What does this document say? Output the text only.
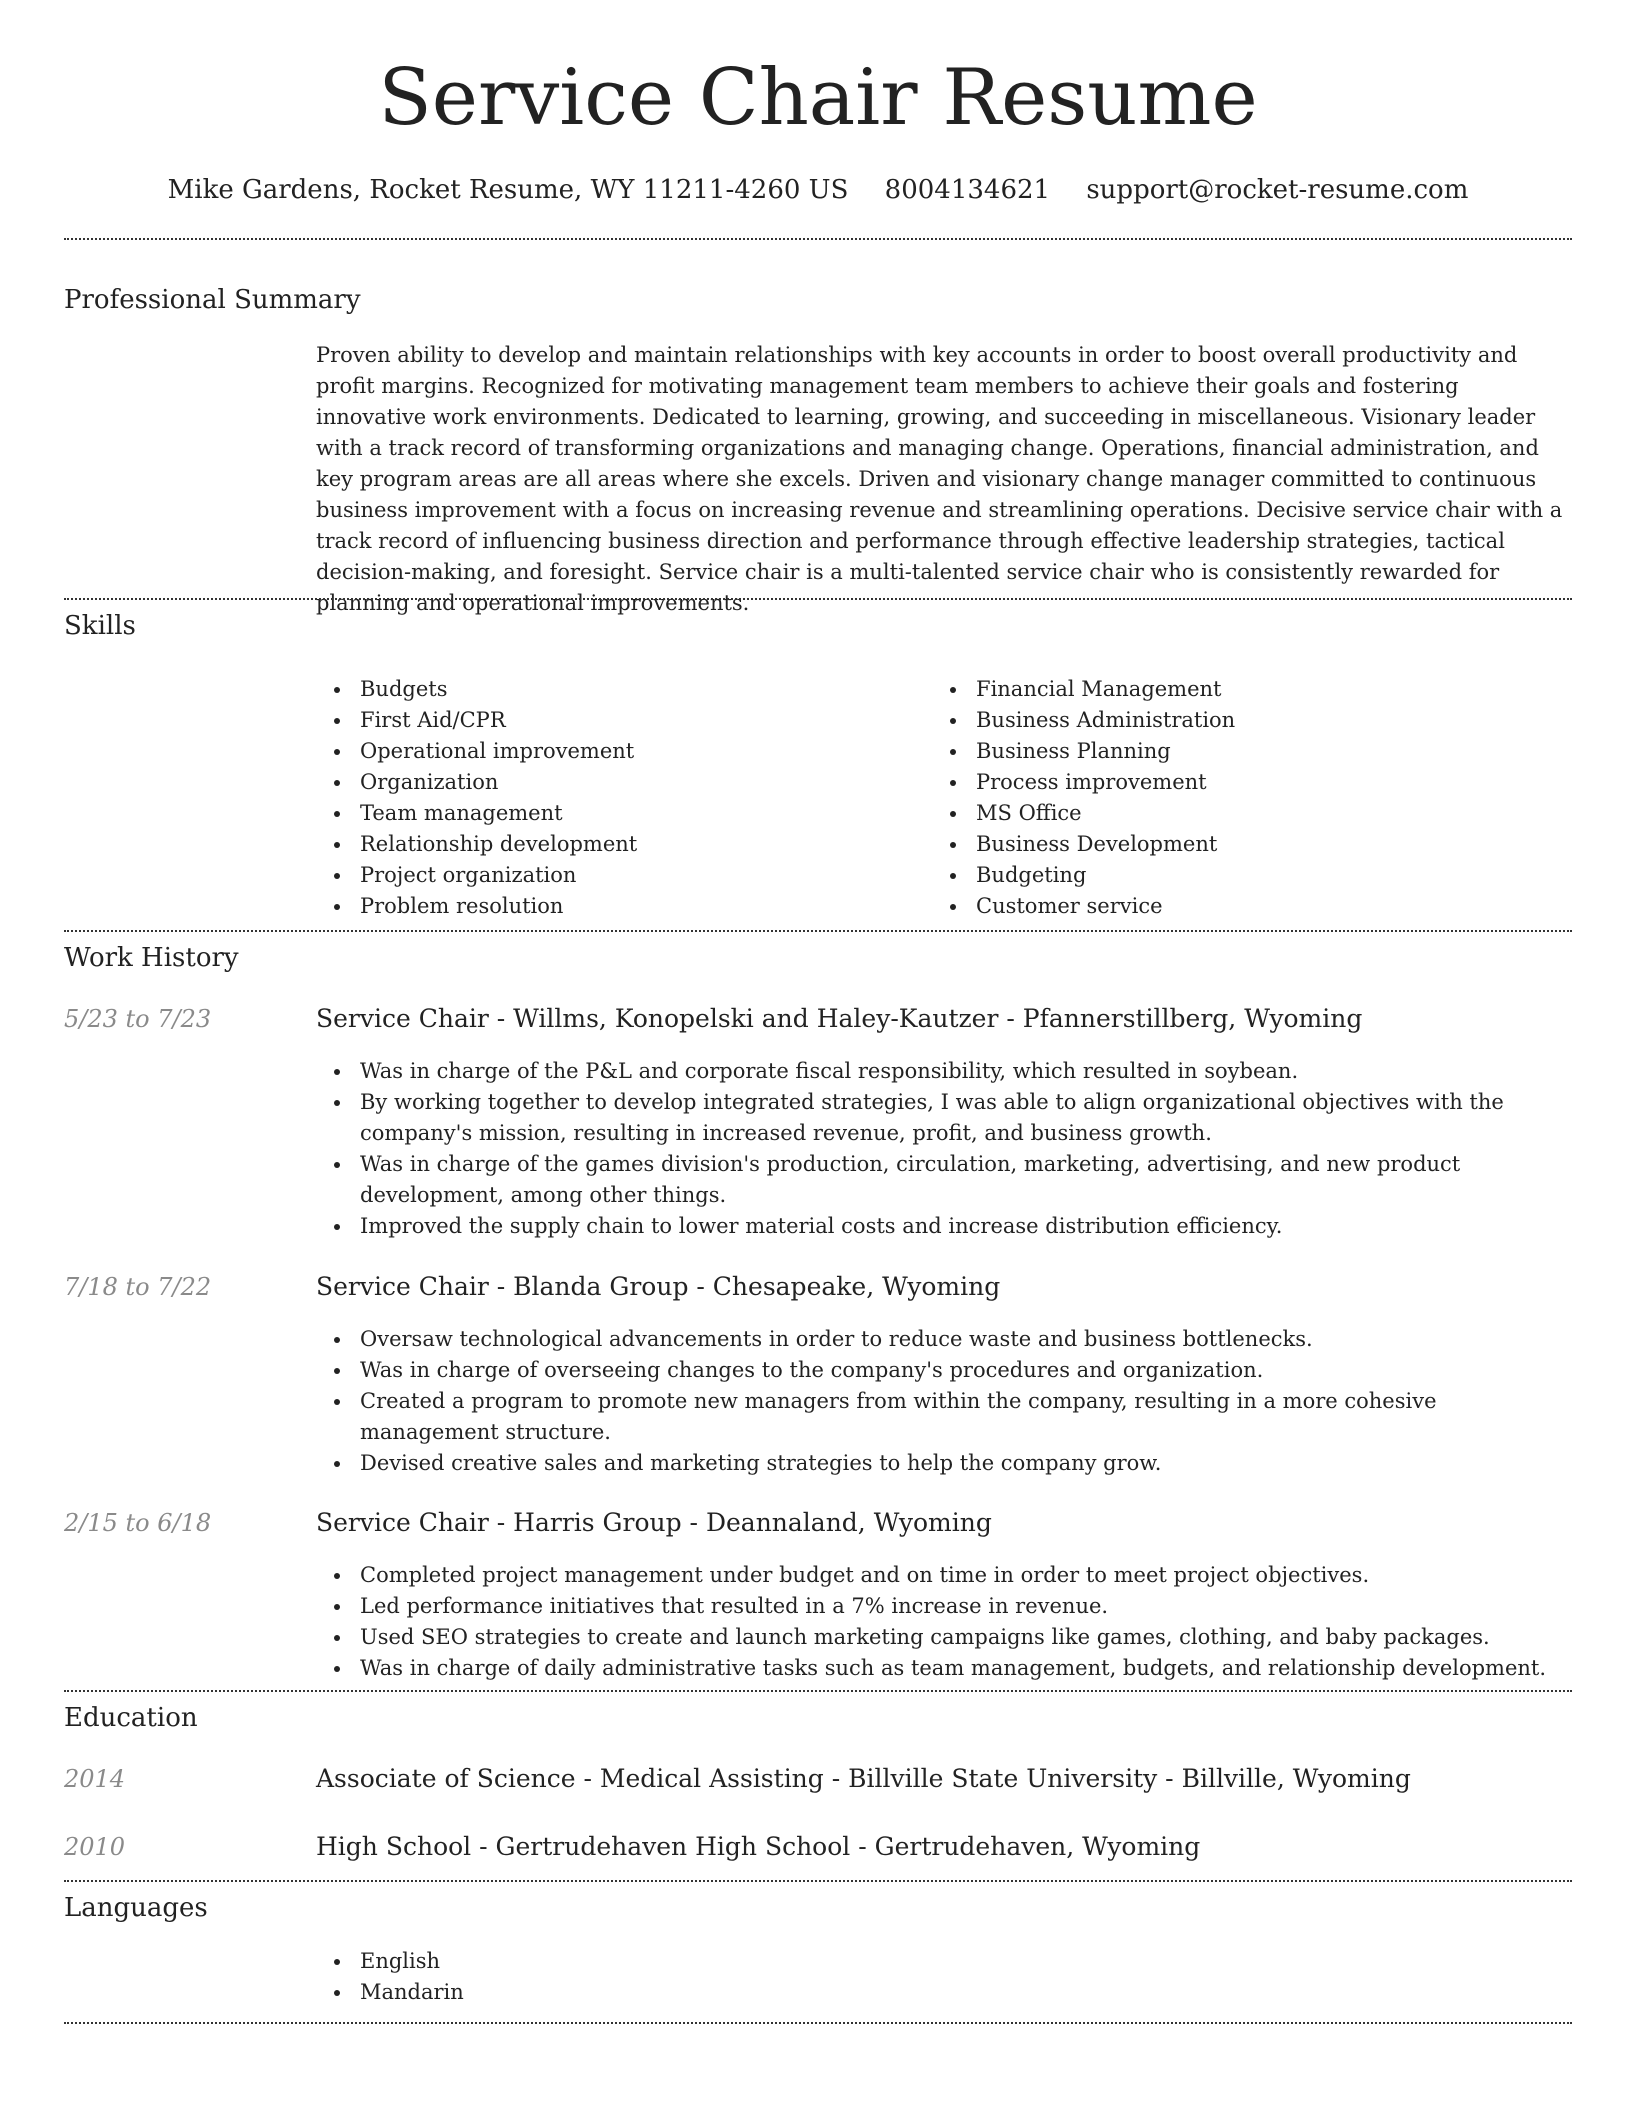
Service Chair Resume
Mike Gardens, Rocket Resume, WY 11211-4260 US 8004134621 support@rocket-resume.com
Professional Summary

Proven ability to develop and maintain relationships with key accounts in order to boost overall productivity and profit margins. Recognized for motivating management team members to achieve their goals and fostering innovative work environments. Dedicated to learning, growing, and succeeding in miscellaneous. Visionary leader with a track record of transforming organizations and managing change. Operations, financial administration, and key program areas are all areas where she excels. Driven and visionary change manager committed to continuous business improvement with a focus on increasing revenue and streamlining operations. Decisive service chair with a track record of influencing business direction and performance through effective leadership strategies, tactical decision-making, and foresight. Service chair is a multi-talented service chair who is consistently rewarded for planning and operational improvements.

Skills
Budgets
First Aid/CPR
Operational improvement
Organization
Team management
Relationship development
Project organization
Problem resolution
Financial Management
Business Administration
Business Planning
Process improvement
MS Office
Business Development
Budgeting
Customer service
Work History
5/23 to 7/23	Service Chair - Willms, Konopelski and Haley-Kautzer - Pfannerstillberg, Wyoming
Was in charge of the P&L and corporate fiscal responsibility, which resulted in soybean.
By working together to develop integrated strategies, I was able to align organizational objectives with the company's mission, resulting in increased revenue, profit, and business growth.
Was in charge of the games division's production, circulation, marketing, advertising, and new product development, among other things.
Improved the supply chain to lower material costs and increase distribution efficiency.
7/18 to 7/22	Service Chair - Blanda Group - Chesapeake, Wyoming
Oversaw technological advancements in order to reduce waste and business bottlenecks.
Was in charge of overseeing changes to the company's procedures and organization.
Created a program to promote new managers from within the company, resulting in a more cohesive management structure.
Devised creative sales and marketing strategies to help the company grow.
2/15 to 6/18	Service Chair - Harris Group - Deannaland, Wyoming
Completed project management under budget and on time in order to meet project objectives.
Led performance initiatives that resulted in a 7% increase in revenue.
Used SEO strategies to create and launch marketing campaigns like games, clothing, and baby packages.
Was in charge of daily administrative tasks such as team management, budgets, and relationship development.
Education
2014	Associate of Science - Medical Assisting - Billville State University - Billville, Wyoming
2010	High School - Gertrudehaven High School - Gertrudehaven, Wyoming
Languages
English
Mandarin
